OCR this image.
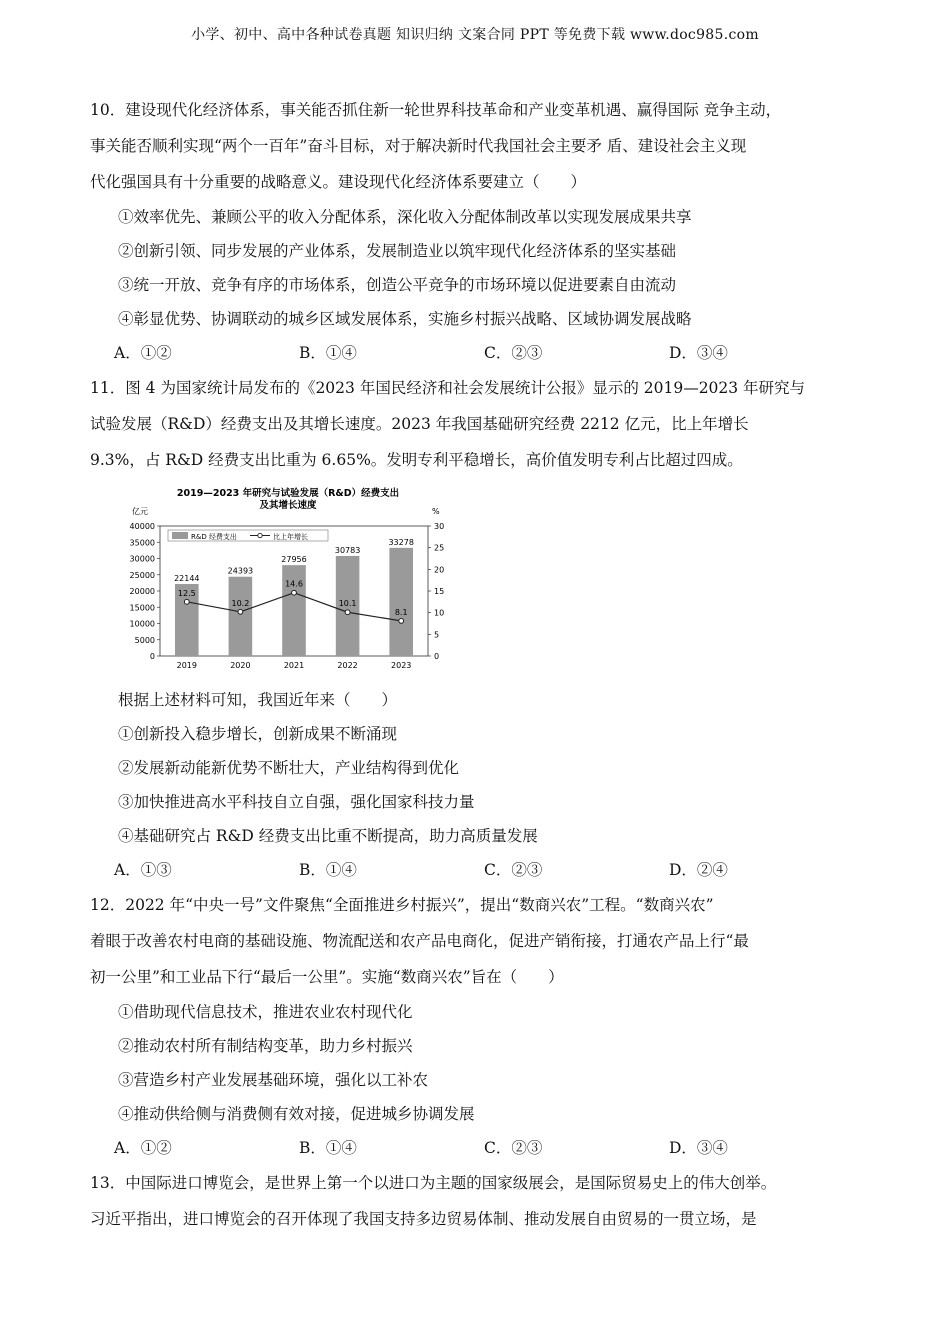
小学、初中、高中各种试卷真题 知识归纳 文案合同 PPT 等免费下载 www.doc985.com

10．建设现代化经济体系，事关能否抓住新一轮世界科技革命和产业变革机遇、赢得国际 竞争主动，

事关能否顺利实现“两个一百年”奋斗目标，对于解决新时代我国社会主要矛 盾、建设社会主义现

代化强国具有十分重要的战略意义。建设现代化经济体系要建立（　　）

①效率优先、兼顾公平的收入分配体系，深化收入分配体制改革以实现发展成果共享
②创新引领、同步发展的产业体系，发展制造业以筑牢现代化经济体系的坚实基础
③统一开放、竞争有序的市场体系，创造公平竞争的市场环境以促进要素自由流动
④彰显优势、协调联动的城乡区域发展体系，实施乡村振兴战略、区域协调发展战略
A．①②	B．①④	C．②③	D．③④

11．图 4 为国家统计局发布的《2023 年国民经济和社会发展统计公报》显示的 2019—2023 年研究与

试验发展（R&D）经费支出及其增长速度。2023 年我国基础研究经费 2212 亿元，比上年增长

9.3%，占 R&D 经费支出比重为 6.65%。发明专利平稳增长，高价值发明专利占比超过四成。

2019—2023 年研究与试验发展（R&D）经费支出
及其增长速度
亿元	%
0
5000
10000
15000
20000
25000
30000
35000
40000
0
5
10
15
20
25
30
R&D 经费支出	比上年增长
22144
2019
24393
2020
27956
2021
30783
2022
33278
2023
12.5
10.2
14.6
10.1
8.1
根据上述材料可知，我国近年来（　　）
①创新投入稳步增长，创新成果不断涌现
②发展新动能新优势不断壮大，产业结构得到优化
③加快推进高水平科技自立自强，强化国家科技力量
④基础研究占 R&D 经费支出比重不断提高，助力高质量发展
A．①③	B．①④	C．②③	D．②④

12．2022 年“中央一号”文件聚焦“全面推进乡村振兴”，提出“数商兴农”工程。“数商兴农”

着眼于改善农村电商的基础设施、物流配送和农产品电商化，促进产销衔接，打通农产品上行“最

初一公里”和工业品下行“最后一公里”。实施“数商兴农”旨在（　　）

①借助现代信息技术，推进农业农村现代化
②推动农村所有制结构变革，助力乡村振兴
③营造乡村产业发展基础环境，强化以工补农
④推动供给侧与消费侧有效对接，促进城乡协调发展
A．①②	B．①④	C．②③	D．③④

13．中国际进口博览会，是世界上第一个以进口为主题的国家级展会，是国际贸易史上的伟大创举。

习近平指出，进口博览会的召开体现了我国支持多边贸易体制、推动发展自由贸易的一贯立场，是
